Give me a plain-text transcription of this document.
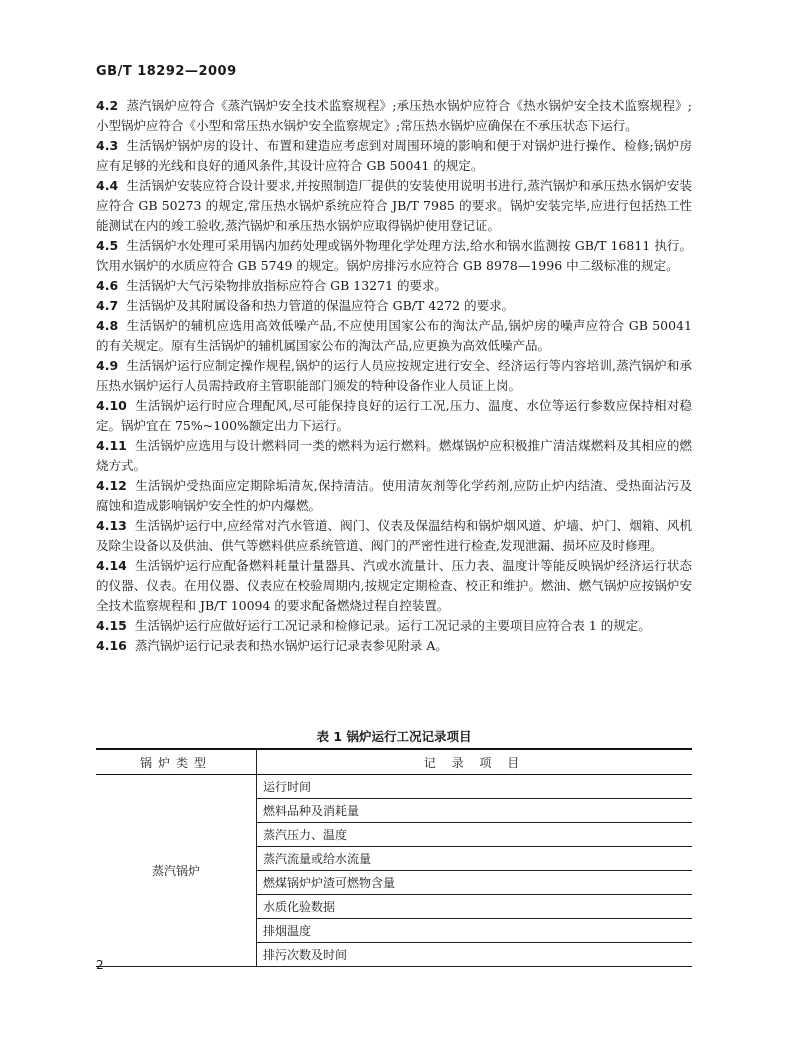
GB/T 18292—2009

4.2 蒸汽锅炉应符合《蒸汽锅炉安全技术监察规程》;承压热水锅炉应符合《热水锅炉安全技术监察规程》;小型锅炉应符合《小型和常压热水锅炉安全监察规定》;常压热水锅炉应确保在不承压状态下运行。

4.3 生活锅炉锅炉房的设计、布置和建造应考虑到对周围环境的影响和便于对锅炉进行操作、检修;锅炉房应有足够的光线和良好的通风条件,其设计应符合 GB 50041 的规定。

4.4 生活锅炉安装应符合设计要求,并按照制造厂提供的安装使用说明书进行,蒸汽锅炉和承压热水锅炉安装应符合 GB 50273 的规定,常压热水锅炉系统应符合 JB/T 7985 的要求。锅炉安装完毕,应进行包括热工性能测试在内的竣工验收,蒸汽锅炉和承压热水锅炉应取得锅炉使用登记证。

4.5 生活锅炉水处理可采用锅内加药处理或锅外物理化学处理方法,给水和锅水监测按 GB/T 16811 执行。饮用水锅炉的水质应符合 GB 5749 的规定。锅炉房排污水应符合 GB 8978—1996 中二级标准的规定。

4.6 生活锅炉大气污染物排放指标应符合 GB 13271 的要求。

4.7 生活锅炉及其附属设备和热力管道的保温应符合 GB/T 4272 的要求。

4.8 生活锅炉的辅机应选用高效低噪产品,不应使用国家公布的淘汰产品,锅炉房的噪声应符合 GB 50041 的有关规定。原有生活锅炉的辅机属国家公布的淘汰产品,应更换为高效低噪产品。

4.9 生活锅炉运行应制定操作规程,锅炉的运行人员应按规定进行安全、经济运行等内容培训,蒸汽锅炉和承压热水锅炉运行人员需持政府主管职能部门颁发的特种设备作业人员证上岗。

4.10 生活锅炉运行时应合理配风,尽可能保持良好的运行工况,压力、温度、水位等运行参数应保持相对稳定。锅炉宜在 75%~100%额定出力下运行。

4.11 生活锅炉应选用与设计燃料同一类的燃料为运行燃料。燃煤锅炉应积极推广清洁煤燃料及其相应的燃烧方式。

4.12 生活锅炉受热面应定期除垢清灰,保持清洁。使用清灰剂等化学药剂,应防止炉内结渣、受热面沾污及腐蚀和造成影响锅炉安全性的炉内爆燃。

4.13 生活锅炉运行中,应经常对汽水管道、阀门、仪表及保温结构和锅炉烟风道、炉墙、炉门、烟箱、风机及除尘设备以及供油、供气等燃料供应系统管道、阀门的严密性进行检查,发现泄漏、损坏应及时修理。

4.14 生活锅炉运行应配备燃料耗量计量器具、汽或水流量计、压力表、温度计等能反映锅炉经济运行状态的仪器、仪表。在用仪器、仪表应在校验周期内,按规定定期检查、校正和维护。燃油、燃气锅炉应按锅炉安全技术监察规程和 JB/T 10094 的要求配备燃烧过程自控装置。

4.15 生活锅炉运行应做好运行工况记录和检修记录。运行工况记录的主要项目应符合表 1 的规定。

4.16 蒸汽锅炉运行记录表和热水锅炉运行记录表参见附录 A。

表 1 锅炉运行工况记录项目
锅炉类型	记 录 项 目
蒸汽锅炉	运行时间
	燃料品种及消耗量
	蒸汽压力、温度
	蒸汽流量或给水流量
	燃煤锅炉炉渣可燃物含量
	水质化验数据
	排烟温度
	排污次数及时间
2
